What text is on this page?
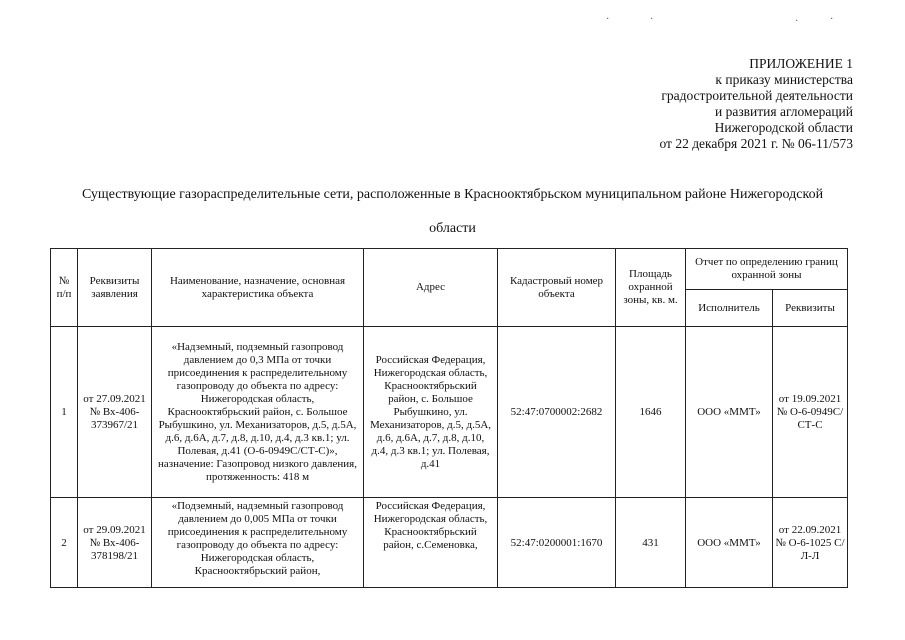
·	·	·	·
ПРИЛОЖЕНИЕ 1
к приказу министерства
градостроительной деятельности
и развития агломераций
Нижегородской области
от 22 декабря 2021 г. № 06-11/573
Существующие газораспределительные сети, расположенные в Краснооктябрьском муниципальном районе Нижегородской
области
№ п/п	Реквизиты заявления	Наименование, назначение, основная характеристика объекта	Адрес	Кадастровый номер объекта	Площадь охранной зоны, кв. м.	Отчет по определению границ охранной зоны	
						Исполнитель	Реквизиты
1	от 27.09.2021 № Вх-406-373967/21	«Надземный, подземный газопровод давлением до 0,3 МПа от точки присоединения к распределительному газопроводу до объекта по адресу: Нижегородская область, Краснооктябрьский район, с. Большое Рыбушкино, ул. Механизаторов, д.5, д.5А, д.6, д.6А, д.7, д.8, д.10, д.4, д.3 кв.1; ул. Полевая, д.41 (О-6-0949С/СТ-С)», назначение: Газопровод низкого давления, протяженность: 418 м	Российская Федерация, Нижегородская область, Краснооктябрьский район, с. Большое Рыбушкино, ул. Механизаторов, д.5, д.5А, д.6, д.6А, д.7, д.8, д.10, д.4, д.3 кв.1; ул. Полевая, д.41	52:47:0700002:2682	1646	ООО «ММТ»	от 19.09.2021 № О-6-0949С/СТ-С
2	от 29.09.2021 № Вх-406-378198/21	«Подземный, надземный газопровод давлением до 0,005 МПа от точки присоединения к распределительному газопроводу до объекта по адресу: Нижегородская область, Краснооктябрьский район,	Российская Федерация, Нижегородская область, Краснооктябрьский район, с.Семеновка,	52:47:0200001:1670	431	ООО «ММТ»	от 22.09.2021 № О-6-1025 С/Л-Л
